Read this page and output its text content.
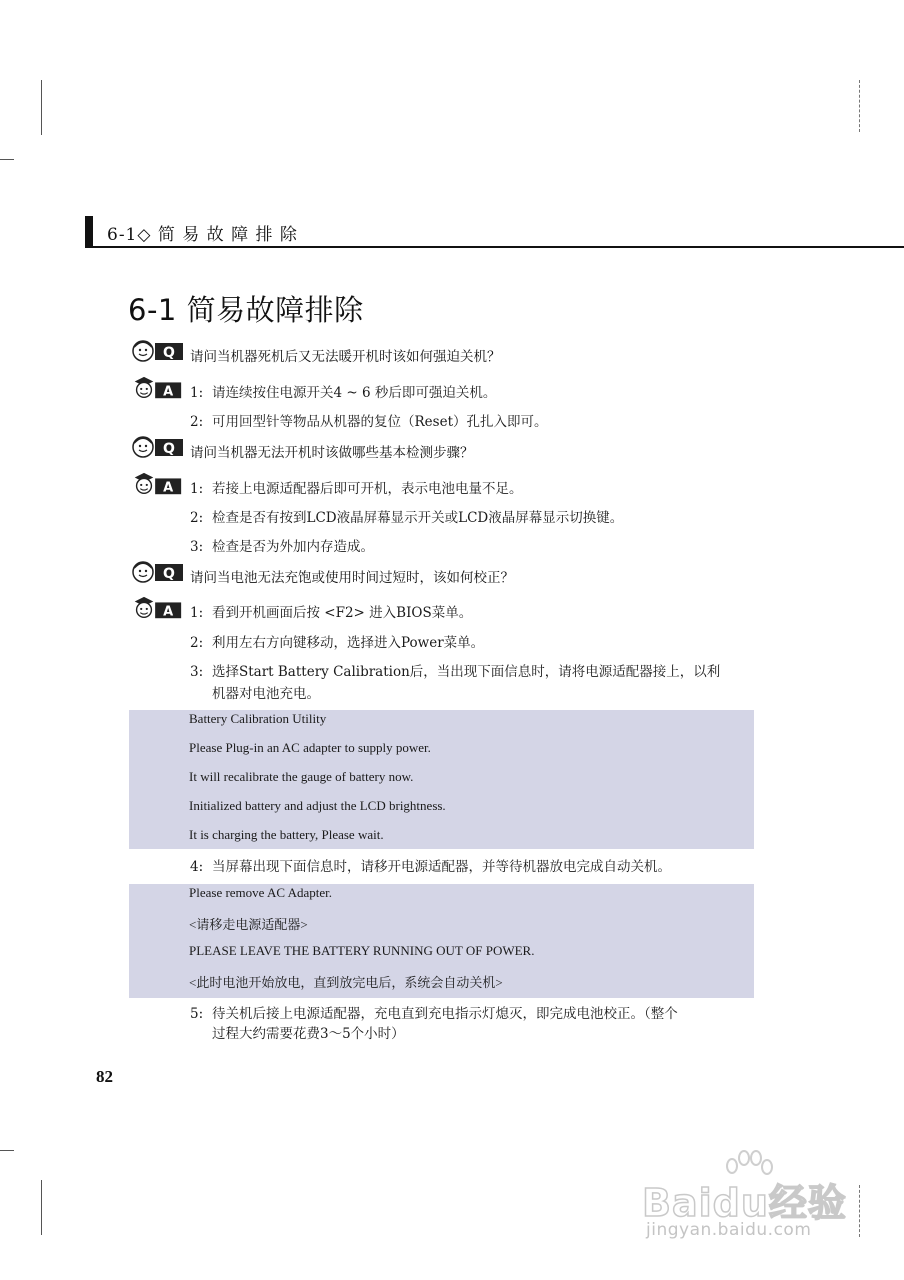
6-1◇ 简 易 故 障 排 除
6-1 简易故障排除
Q 请问当机器死机后又无法暖开机时该如何强迫关机？
A 1: 请连续按住电源开关4 ~ 6 秒后即可强迫关机。
2: 可用回型针等物品从机器的复位（Reset）孔扎入即可。
Q 请问当机器无法开机时该做哪些基本检测步骤？
A 1: 若接上电源适配器后即可开机，表示电池电量不足。
2: 检查是否有按到LCD液晶屏幕显示开关或LCD液晶屏幕显示切换键。
3: 检查是否为外加内存造成。
Q 请问当电池无法充饱或使用时间过短时，该如何校正？
A 1: 看到开机画面后按 <F2> 进入BIOS菜单。
2: 利用左右方向键移动，选择进入Power菜单。
3: 选择Start Battery Calibration后，当出现下面信息时，请将电源适配器接上，以利
机器对电池充电。
Battery Calibration Utility
Please Plug-in an AC adapter to supply power.
It will recalibrate the gauge of battery now.
Initialized battery and adjust the LCD brightness.
It is charging the battery, Please wait.
4: 当屏幕出现下面信息时，请移开电源适配器，并等待机器放电完成自动关机。
Please remove AC Adapter.
<请移走电源适配器>
PLEASE LEAVE THE BATTERY RUNNING OUT OF POWER.
<此时电池开始放电，直到放完电后，系统会自动关机>
5: 待关机后接上电源适配器，充电直到充电指示灯熄灭，即完成电池校正。（整个
过程大约需要花费3～5个小时）
82
Baidu经验
jingyan.baidu.com
